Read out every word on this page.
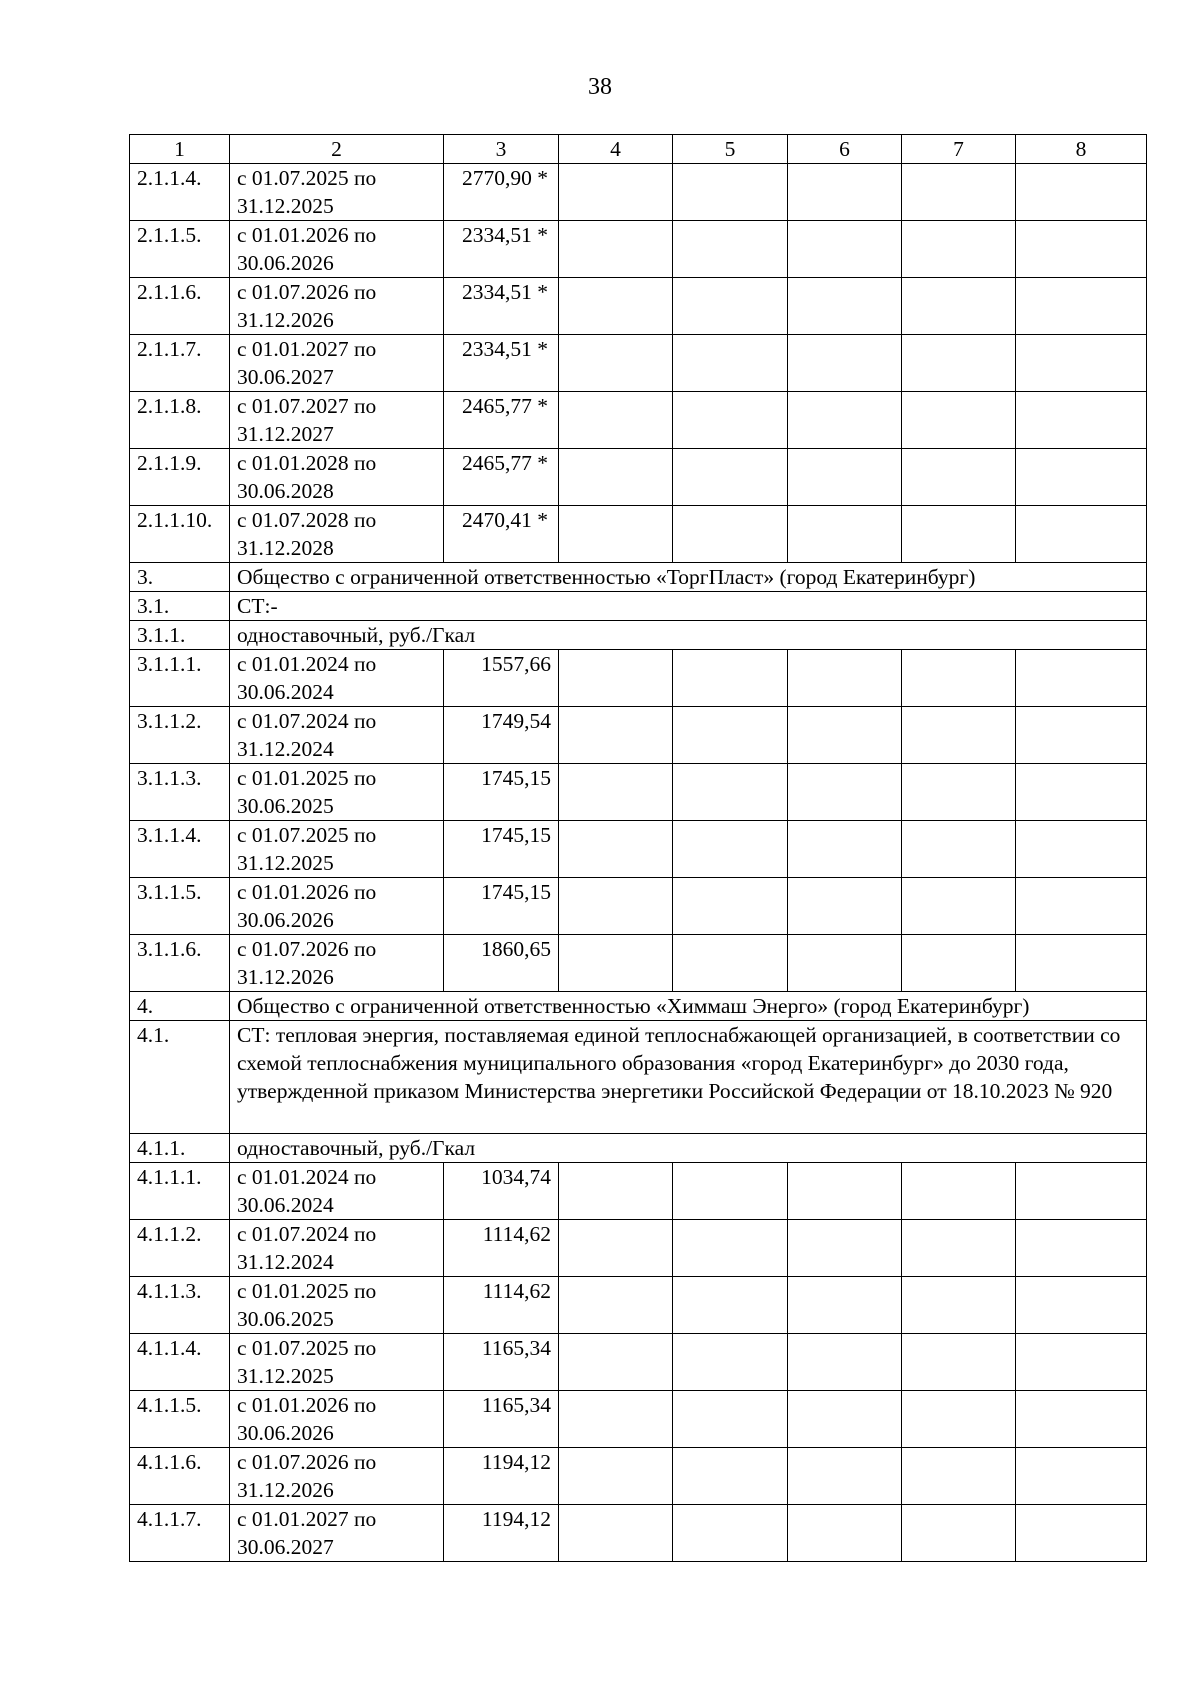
38
1	2	3	4	5	6	7	8
2.1.1.4.	с 01.07.2025 по 31.12.2025	2770,90 *					
2.1.1.5.	с 01.01.2026 по 30.06.2026	2334,51 *					
2.1.1.6.	с 01.07.2026 по 31.12.2026	2334,51 *					
2.1.1.7.	с 01.01.2027 по 30.06.2027	2334,51 *					
2.1.1.8.	с 01.07.2027 по 31.12.2027	2465,77 *					
2.1.1.9.	с 01.01.2028 по 30.06.2028	2465,77 *					
2.1.1.10.	с 01.07.2028 по 31.12.2028	2470,41 *					
3.	Общество с ограниченной ответственностью «ТоргПласт» (город Екатеринбург)						
3.1.	СТ:-						
3.1.1.	одноставочный, руб./Гкал						
3.1.1.1.	с 01.01.2024 по 30.06.2024	1557,66					
3.1.1.2.	с 01.07.2024 по 31.12.2024	1749,54					
3.1.1.3.	с 01.01.2025 по 30.06.2025	1745,15					
3.1.1.4.	с 01.07.2025 по 31.12.2025	1745,15					
3.1.1.5.	с 01.01.2026 по 30.06.2026	1745,15					
3.1.1.6.	с 01.07.2026 по 31.12.2026	1860,65					
4.	Общество с ограниченной ответственностью «Химмаш Энерго» (город Екатеринбург)						
4.1.	СТ: тепловая энергия, поставляемая единой теплоснабжающей организацией, в соответствии со схемой теплоснабжения муниципального образования «город Екатеринбург» до 2030 года, утвержденной приказом Министерства энергетики Российской Федерации от 18.10.2023 № 920						
4.1.1.	одноставочный, руб./Гкал						
4.1.1.1.	с 01.01.2024 по 30.06.2024	1034,74					
4.1.1.2.	с 01.07.2024 по 31.12.2024	1114,62					
4.1.1.3.	с 01.01.2025 по 30.06.2025	1114,62					
4.1.1.4.	с 01.07.2025 по 31.12.2025	1165,34					
4.1.1.5.	с 01.01.2026 по 30.06.2026	1165,34					
4.1.1.6.	с 01.07.2026 по 31.12.2026	1194,12					
4.1.1.7.	с 01.01.2027 по 30.06.2027	1194,12					
